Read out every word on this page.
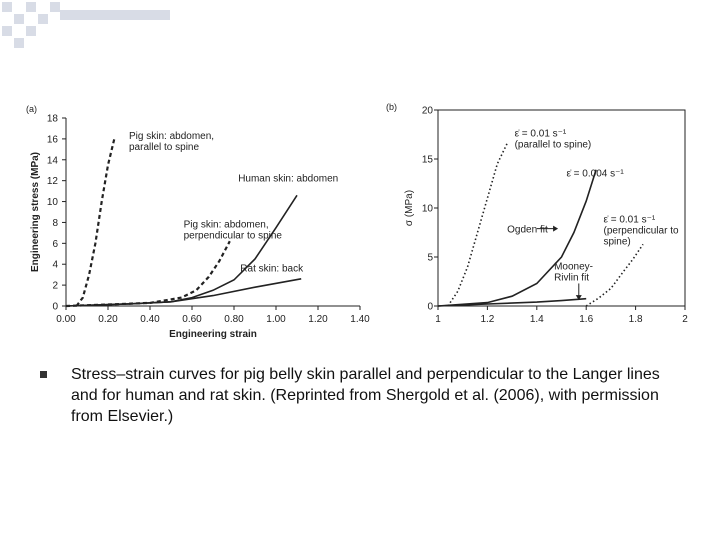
(a)
0.00 0.20 0.40 0.60 0.80 1.00 1.20 1.40
0
2
4
6
8
10
12
14
16
18
Engineering strain
Engineering stress (MPa)
Pig skin: abdomen, parallel to spine
Human skin: abdomen
Pig skin: abdomen, perpendicular to spine
Rat skin: back
(b)
1	1.2	1.4	1.6	1.8	2
0
5
10
15
20
σ (MPa)
ε̇ = 0.01 s⁻¹ (parallel to spine)
ε̇ = 0.004 s⁻¹
Ogden fit
ε̇ = 0.01 s⁻¹ (perpendicular to spine)
Mooney-Rivlin fit
Stress–strain curves for pig belly skin parallel and perpendicular to the Langer lines and for human and rat skin. (Reprinted from Shergold et al. (2006), with permission from Elsevier.)
